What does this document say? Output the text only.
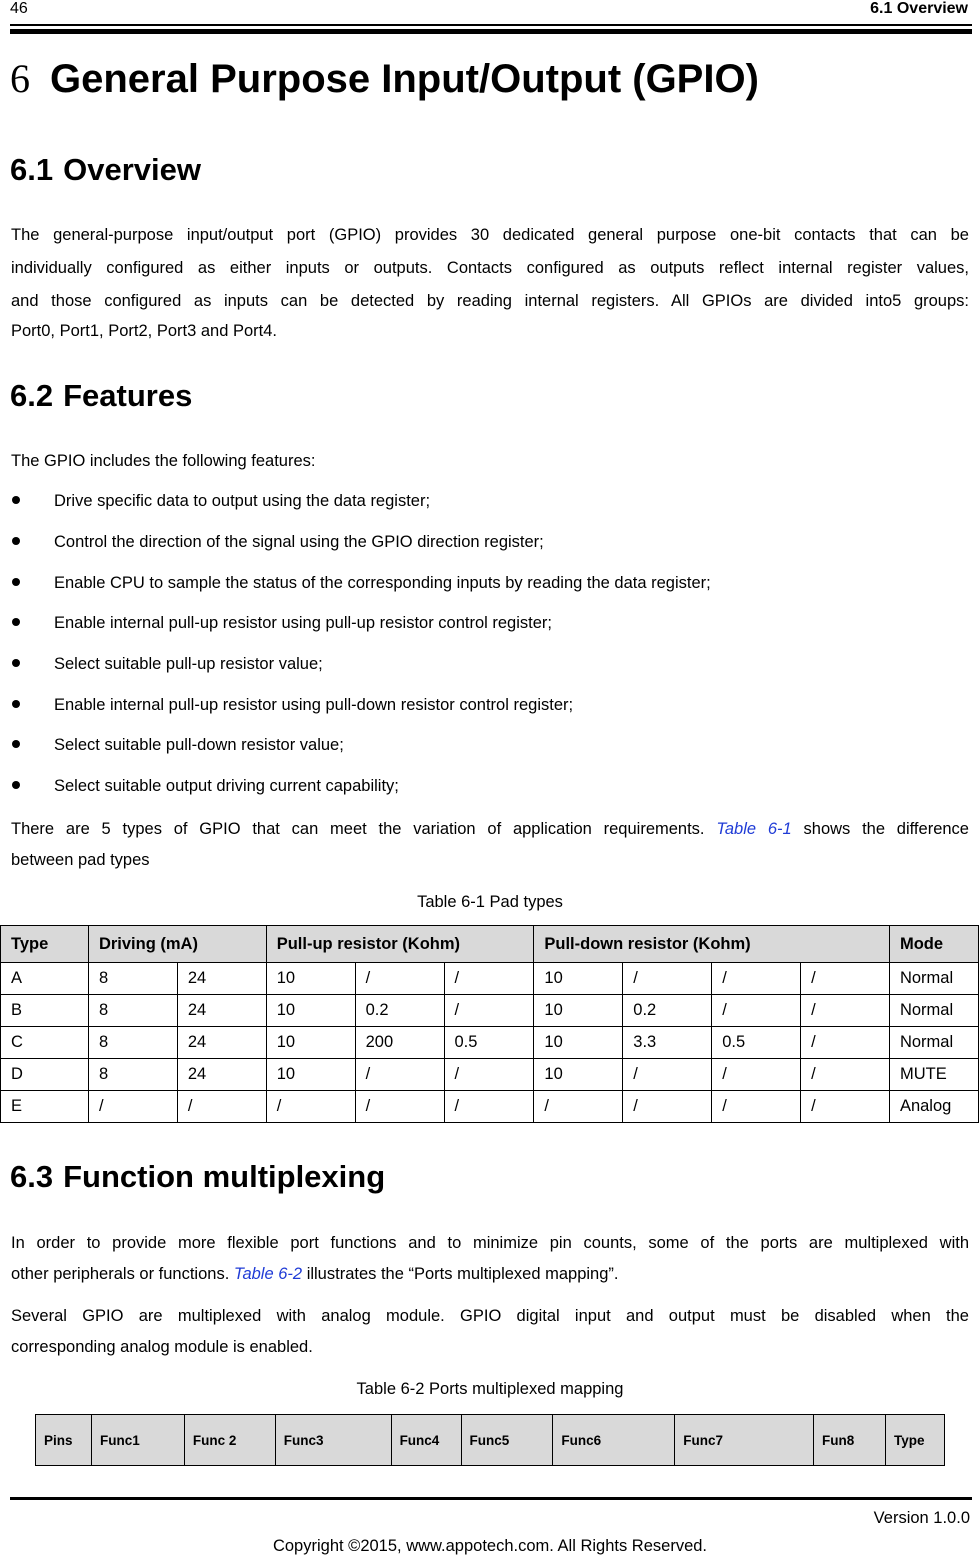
46	6.1 Overview
6 General Purpose Input/Output (GPIO)
6.1 Overview
The general-purpose input/output port (GPIO) provides 30 dedicated general purpose one-bit contacts that can be
individually configured as either inputs or outputs. Contacts configured as outputs reflect internal register values,
and those configured as inputs can be detected by reading internal registers. All GPIOs are divided into5 groups:
Port0, Port1, Port2, Port3 and Port4.
6.2 Features
The GPIO includes the following features:
Drive specific data to output using the data register;
Control the direction of the signal using the GPIO direction register;
Enable CPU to sample the status of the corresponding inputs by reading the data register;
Enable internal pull-up resistor using pull-up resistor control register;
Select suitable pull-up resistor value;
Enable internal pull-up resistor using pull-down resistor control register;
Select suitable pull-down resistor value;
Select suitable output driving current capability;
There are 5 types of GPIO that can meet the variation of application requirements. Table 6-1 shows the difference
between pad types
Table 6-1 Pad types
Type	Driving (mA)		Pull-up resistor (Kohm)			Pull-down resistor (Kohm)				Mode
A	8	24	10	/	/	10	/	/	/	Normal
B	8	24	10	0.2	/	10	0.2	/	/	Normal
C	8	24	10	200	0.5	10	3.3	0.5	/	Normal
D	8	24	10	/	/	10	/	/	/	MUTE
E	/	/	/	/	/	/	/	/	/	Analog
6.3 Function multiplexing
In order to provide more flexible port functions and to minimize pin counts, some of the ports are multiplexed with
other peripherals or functions. Table 6-2 illustrates the “Ports multiplexed mapping”.
Several GPIO are multiplexed with analog module. GPIO digital input and output must be disabled when the
corresponding analog module is enabled.
Table 6-2 Ports multiplexed mapping
Pins	Func1	Func 2	Func3	Func4	Func5	Func6	Func7	Fun8	Type
Version 1.0.0
Copyright ©2015, www.appotech.com. All Rights Reserved.
